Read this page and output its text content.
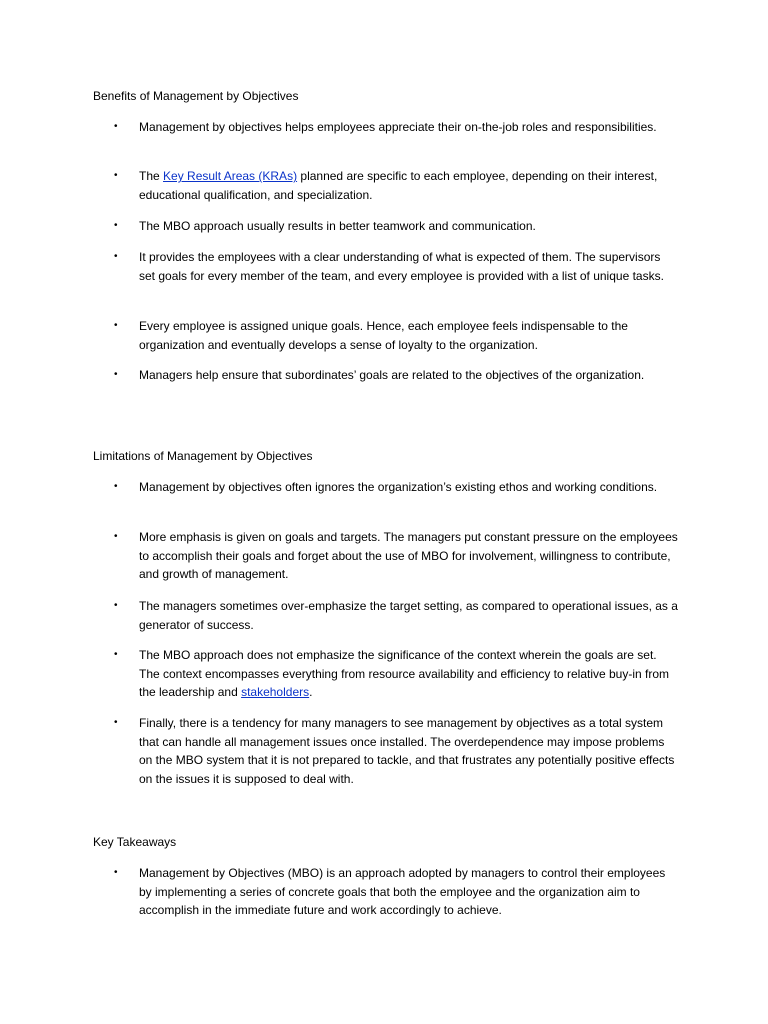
Benefits of Management by Objectives
• Management by objectives helps employees appreciate their on-the-job roles and responsibilities.

• The Key Result Areas (KRAs) planned are specific to each employee, depending on their interest, educational qualification, and specialization.

• The MBO approach usually results in better teamwork and communication.

• It provides the employees with a clear understanding of what is expected of them. The supervisors set goals for every member of the team, and every employee is provided with a list of unique tasks.

• Every employee is assigned unique goals. Hence, each employee feels indispensable to the organization and eventually develops a sense of loyalty to the organization.

• Managers help ensure that subordinates’ goals are related to the objectives of the organization.

Limitations of Management by Objectives
• Management by objectives often ignores the organization’s existing ethos and working conditions.

• More emphasis is given on goals and targets. The managers put constant pressure on the employees to accomplish their goals and forget about the use of MBO for involvement, willingness to contribute, and growth of management.

• The managers sometimes over-emphasize the target setting, as compared to operational issues, as a generator of success.

• The MBO approach does not emphasize the significance of the context wherein the goals are set. The context encompasses everything from resource availability and efficiency to relative buy-in from the leadership and stakeholders.

• Finally, there is a tendency for many managers to see management by objectives as a total system that can handle all management issues once installed. The overdependence may impose problems on the MBO system that it is not prepared to tackle, and that frustrates any potentially positive effects on the issues it is supposed to deal with.

Key Takeaways
• Management by Objectives (MBO) is an approach adopted by managers to control their employees by implementing a series of concrete goals that both the employee and the organization aim to accomplish in the immediate future and work accordingly to achieve.
